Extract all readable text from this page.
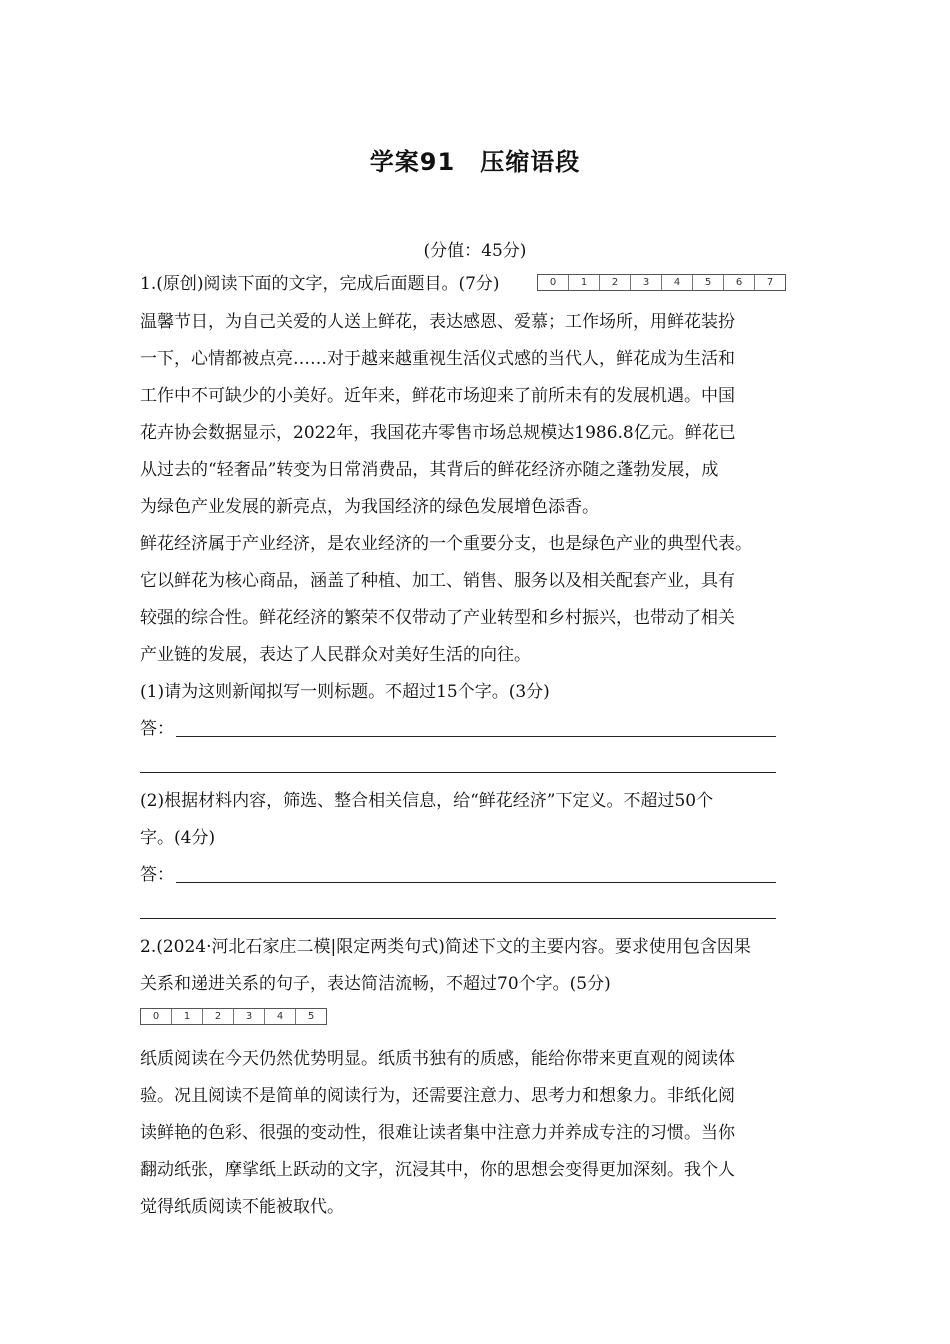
学案91　压缩语段
(分值：45分)
1.(原创)阅读下面的文字，完成后面题目。(7分)	0	1	2	3	4	5	6	7
温馨节日，为自己关爱的人送上鲜花，表达感恩、爱慕；工作场所，用鲜花装扮
一下，心情都被点亮……对于越来越重视生活仪式感的当代人，鲜花成为生活和
工作中不可缺少的小美好。近年来，鲜花市场迎来了前所未有的发展机遇。中国
花卉协会数据显示，2022年，我国花卉零售市场总规模达1986.8亿元。鲜花已
从过去的“轻奢品”转变为日常消费品，其背后的鲜花经济亦随之蓬勃发展，成
为绿色产业发展的新亮点，为我国经济的绿色发展增色添香。
鲜花经济属于产业经济，是农业经济的一个重要分支，也是绿色产业的典型代表。
它以鲜花为核心商品，涵盖了种植、加工、销售、服务以及相关配套产业，具有
较强的综合性。鲜花经济的繁荣不仅带动了产业转型和乡村振兴，也带动了相关
产业链的发展，表达了人民群众对美好生活的向往。
(1)请为这则新闻拟写一则标题。不超过15个字。(3分)
答：
(2)根据材料内容，筛选、整合相关信息，给“鲜花经济”下定义。不超过50个
字。(4分)
答：
2.(2024·河北石家庄二模|限定两类句式)简述下文的主要内容。要求使用包含因果
关系和递进关系的句子，表达简洁流畅，不超过70个字。(5分)
0	1	2	3	4	5
纸质阅读在今天仍然优势明显。纸质书独有的质感，能给你带来更直观的阅读体
验。况且阅读不是简单的阅读行为，还需要注意力、思考力和想象力。非纸化阅
读鲜艳的色彩、很强的变动性，很难让读者集中注意力并养成专注的习惯。当你
翻动纸张，摩挲纸上跃动的文字，沉浸其中，你的思想会变得更加深刻。我个人
觉得纸质阅读不能被取代。
